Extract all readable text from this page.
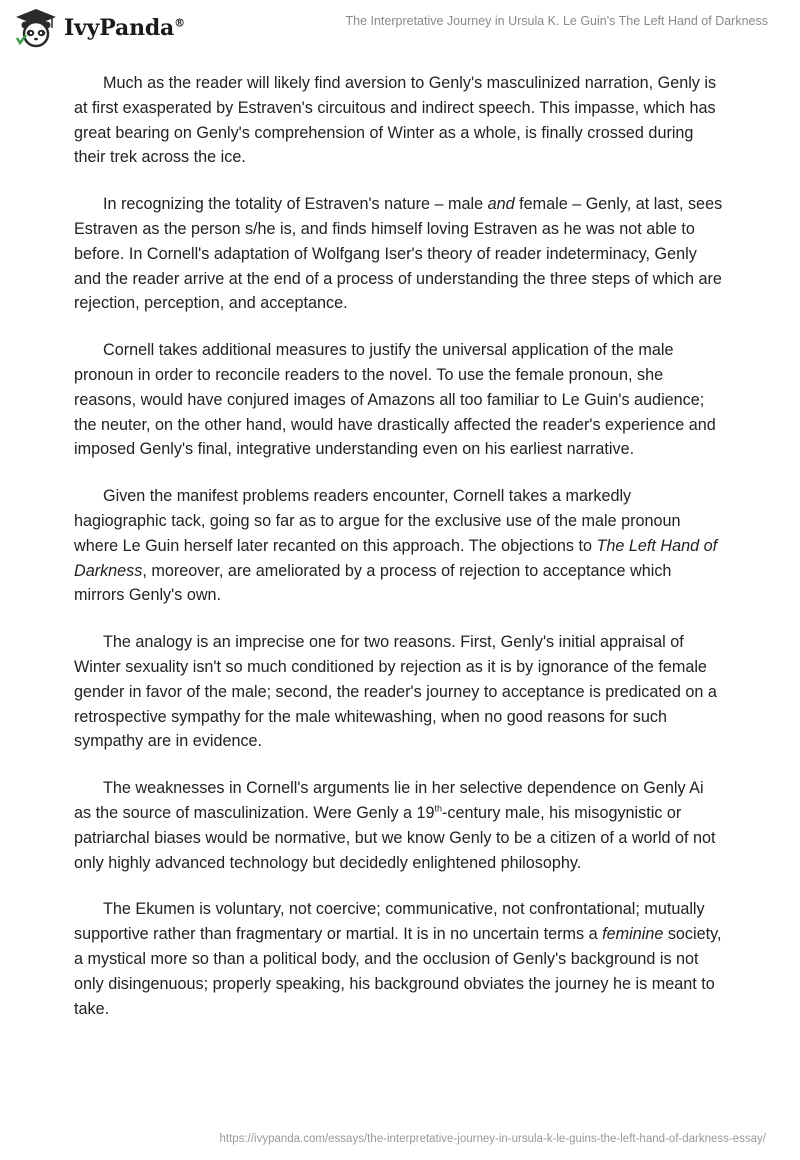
IvyPanda®	The Interpretative Journey in Ursula K. Le Guin's The Left Hand of Darkness

Much as the reader will likely find aversion to Genly's masculinized narration, Genly is at first exasperated by Estraven's circuitous and indirect speech. This impasse, which has great bearing on Genly's comprehension of Winter as a whole, is finally crossed during their trek across the ice.

In recognizing the totality of Estraven's nature – male and female – Genly, at last, sees Estraven as the person s/he is, and finds himself loving Estraven as he was not able to before. In Cornell's adaptation of Wolfgang Iser's theory of reader indeterminacy, Genly and the reader arrive at the end of a process of understanding the three steps of which are rejection, perception, and acceptance.

Cornell takes additional measures to justify the universal application of the male pronoun in order to reconcile readers to the novel. To use the female pronoun, she reasons, would have conjured images of Amazons all too familiar to Le Guin's audience; the neuter, on the other hand, would have drastically affected the reader's experience and imposed Genly's final, integrative understanding even on his earliest narrative.

Given the manifest problems readers encounter, Cornell takes a markedly hagiographic tack, going so far as to argue for the exclusive use of the male pronoun where Le Guin herself later recanted on this approach. The objections to The Left Hand of Darkness, moreover, are ameliorated by a process of rejection to acceptance which mirrors Genly's own.

The analogy is an imprecise one for two reasons. First, Genly's initial appraisal of Winter sexuality isn't so much conditioned by rejection as it is by ignorance of the female gender in favor of the male; second, the reader's journey to acceptance is predicated on a retrospective sympathy for the male whitewashing, when no good reasons for such sympathy are in evidence.

The weaknesses in Cornell's arguments lie in her selective dependence on Genly Ai as the source of masculinization. Were Genly a 19th-century male, his misogynistic or patriarchal biases would be normative, but we know Genly to be a citizen of a world of not only highly advanced technology but decidedly enlightened philosophy.

The Ekumen is voluntary, not coercive; communicative, not confrontational; mutually supportive rather than fragmentary or martial. It is in no uncertain terms a feminine society, a mystical more so than a political body, and the occlusion of Genly's background is not only disingenuous; properly speaking, his background obviates the journey he is meant to take.

https://ivypanda.com/essays/the-interpretative-journey-in-ursula-k-le-guins-the-left-hand-of-darkness-essay/
